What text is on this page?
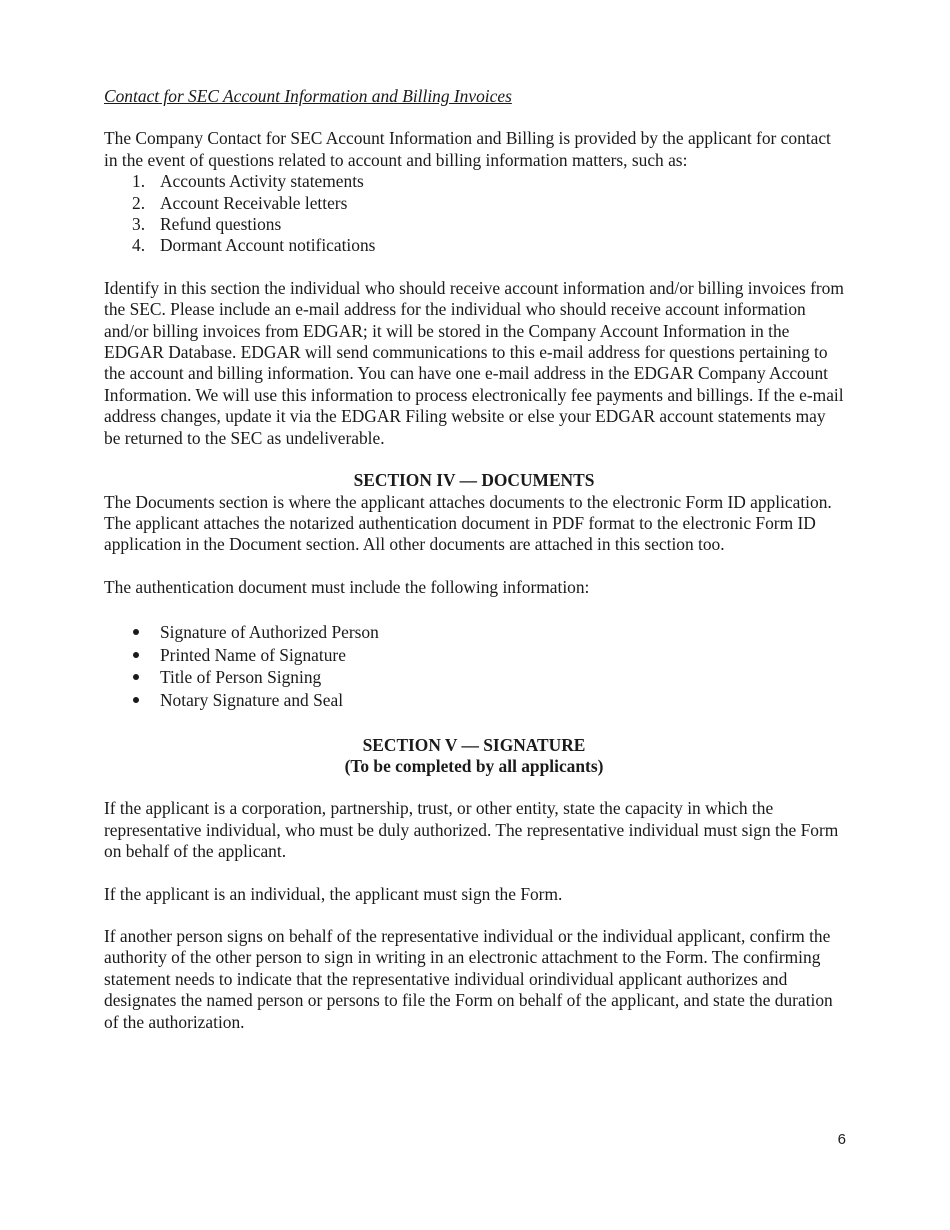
Contact for SEC Account Information and Billing Invoices

The Company Contact for SEC Account Information and Billing is provided by the applicant for contact in the event of questions related to account and billing information matters, such as:

1. Accounts Activity statements
2. Account Receivable letters
3. Refund questions
4. Dormant Account notifications

Identify in this section the individual who should receive account information and/or billing invoices from the SEC. Please include an e-mail address for the individual who should receive account information and/or billing invoices from EDGAR; it will be stored in the Company Account Information in the EDGAR Database. EDGAR will send communications to this e-mail address for questions pertaining to the account and billing information. You can have one e-mail address in the EDGAR Company Account Information. We will use this information to process electronically fee payments and billings. If the e-mail address changes, update it via the EDGAR Filing website or else your EDGAR account statements may be returned to the SEC as undeliverable.

SECTION IV — DOCUMENTS

The Documents section is where the applicant attaches documents to the electronic Form ID application. The applicant attaches the notarized authentication document in PDF format to the electronic Form ID application in the Document section. All other documents are attached in this section too.

The authentication document must include the following information:

Signature of Authorized Person
Printed Name of Signature
Title of Person Signing
Notary Signature and Seal

SECTION V — SIGNATURE

(To be completed by all applicants)

If the applicant is a corporation, partnership, trust, or other entity, state the capacity in which the representative individual, who must be duly authorized. The representative individual must sign the Form on behalf of the applicant.

If the applicant is an individual, the applicant must sign the Form.

If another person signs on behalf of the representative individual or the individual applicant, confirm the authority of the other person to sign in writing in an electronic attachment to the Form. The confirming statement needs to indicate that the representative individual orindividual applicant authorizes and designates the named person or persons to file the Form on behalf of the applicant, and state the duration of the authorization.

6
